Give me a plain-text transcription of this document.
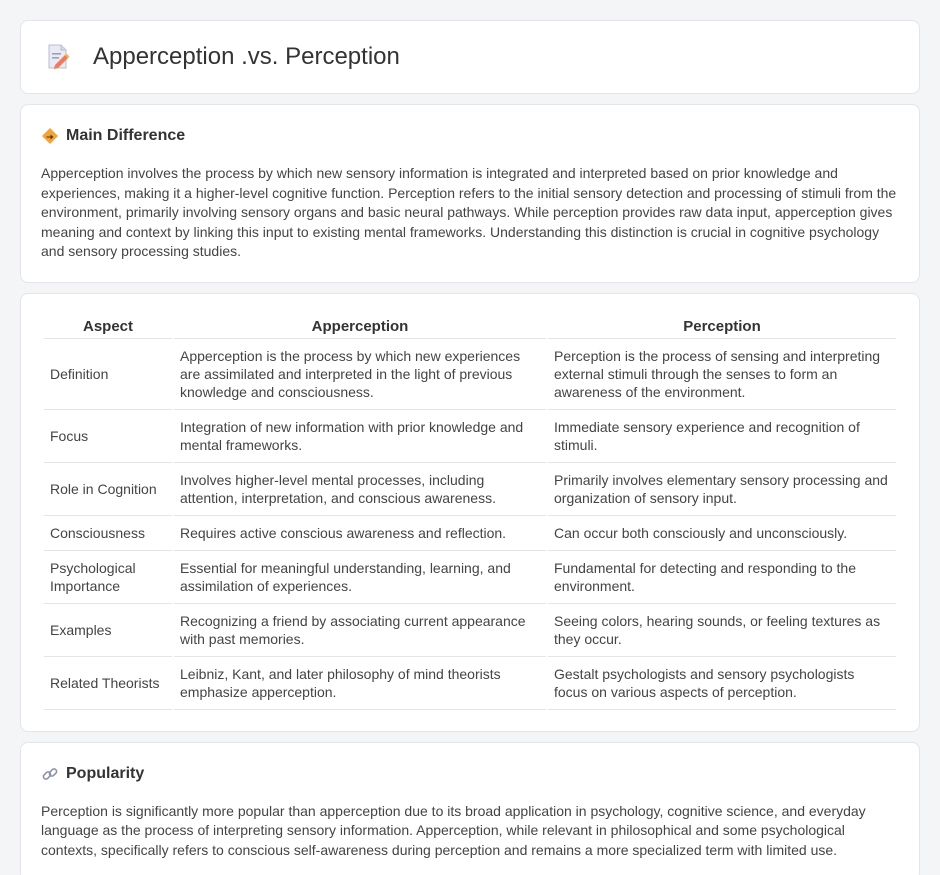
Apperception .vs. Perception
Main Difference

Apperception involves the process by which new sensory information is integrated and interpreted based on prior knowledge and experiences, making it a higher-level cognitive function. Perception refers to the initial sensory detection and processing of stimuli from the environment, primarily involving sensory organs and basic neural pathways. While perception provides raw data input, apperception gives meaning and context by linking this input to existing mental frameworks. Understanding this distinction is crucial in cognitive psychology and sensory processing studies.

Aspect	Apperception	Perception
Definition	Apperception is the process by which new experiences are assimilated and interpreted in the light of previous knowledge and consciousness.	Perception is the process of sensing and interpreting external stimuli through the senses to form an awareness of the environment.
Focus	Integration of new information with prior knowledge and mental frameworks.	Immediate sensory experience and recognition of stimuli.
Role in Cognition	Involves higher-level mental processes, including attention, interpretation, and conscious awareness.	Primarily involves elementary sensory processing and organization of sensory input.
Consciousness	Requires active conscious awareness and reflection.	Can occur both consciously and unconsciously.
Psychological Importance	Essential for meaningful understanding, learning, and assimilation of experiences.	Fundamental for detecting and responding to the environment.
Examples	Recognizing a friend by associating current appearance with past memories.	Seeing colors, hearing sounds, or feeling textures as they occur.
Related Theorists	Leibniz, Kant, and later philosophy of mind theorists emphasize apperception.	Gestalt psychologists and sensory psychologists focus on various aspects of perception.
Popularity

Perception is significantly more popular than apperception due to its broad application in psychology, cognitive science, and everyday language as the process of interpreting sensory information. Apperception, while relevant in philosophical and some psychological contexts, specifically refers to conscious self-awareness during perception and remains a more specialized term with limited use.
